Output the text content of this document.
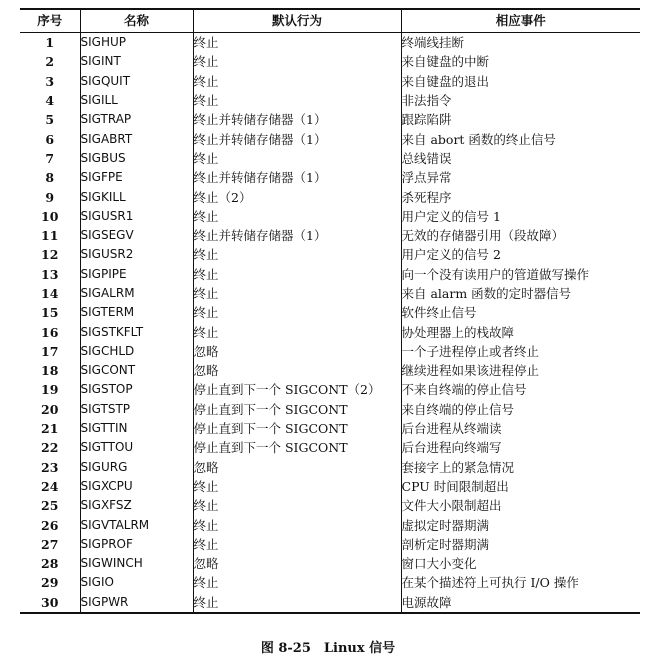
序号	名称	默认行为	相应事件
1	SIGHUP	终止	终端线挂断
2	SIGINT	终止	来自键盘的中断
3	SIGQUIT	终止	来自键盘的退出
4	SIGILL	终止	非法指令
5	SIGTRAP	终止并转储存储器（1）	跟踪陷阱
6	SIGABRT	终止并转储存储器（1）	来自 abort 函数的终止信号
7	SIGBUS	终止	总线错误
8	SIGFPE	终止并转储存储器（1）	浮点异常
9	SIGKILL	终止（2）	杀死程序
10	SIGUSR1	终止	用户定义的信号 1
11	SIGSEGV	终止并转储存储器（1）	无效的存储器引用（段故障）
12	SIGUSR2	终止	用户定义的信号 2
13	SIGPIPE	终止	向一个没有读用户的管道做写操作
14	SIGALRM	终止	来自 alarm 函数的定时器信号
15	SIGTERM	终止	软件终止信号
16	SIGSTKFLT	终止	协处理器上的栈故障
17	SIGCHLD	忽略	一个子进程停止或者终止
18	SIGCONT	忽略	继续进程如果该进程停止
19	SIGSTOP	停止直到下一个 SIGCONT（2）	不来自终端的停止信号
20	SIGTSTP	停止直到下一个 SIGCONT	来自终端的停止信号
21	SIGTTIN	停止直到下一个 SIGCONT	后台进程从终端读
22	SIGTTOU	停止直到下一个 SIGCONT	后台进程向终端写
23	SIGURG	忽略	套接字上的紧急情况
24	SIGXCPU	终止	CPU 时间限制超出
25	SIGXFSZ	终止	文件大小限制超出
26	SIGVTALRM	终止	虚拟定时器期满
27	SIGPROF	终止	剖析定时器期满
28	SIGWINCH	忽略	窗口大小变化
29	SIGIO	终止	在某个描述符上可执行 I/O 操作
30	SIGPWR	终止	电源故障
图 8-25　Linux 信号
